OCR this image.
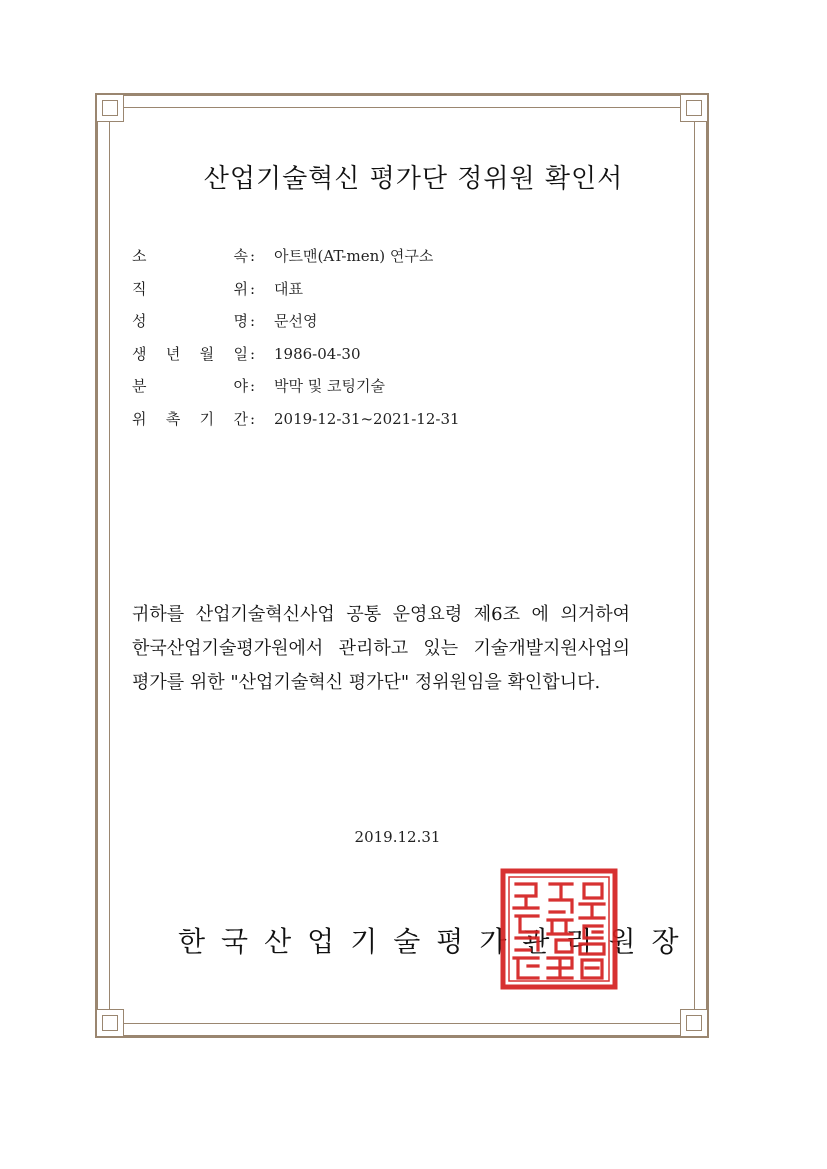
산업기술혁신 평가단 정위원 확인서
소	속 :	아트맨(AT-men) 연구소
직	위 :	대표
성	명 :	문선영
생 년 월 일 :	1986-04-30
분	야 :	박막 및 코팅기술
위 촉 기 간 :	2019-12-31~2021-12-31
귀하를 산업기술혁신사업 공통 운영요령 제6조 에 의거하여
한국산업기술평가원에서 관리하고 있는 기술개발지원사업의
평가를 위한 "산업기술혁신 평가단" 정위원임을 확인합니다.
2019.12.31
한국산업기술평가관리원장
